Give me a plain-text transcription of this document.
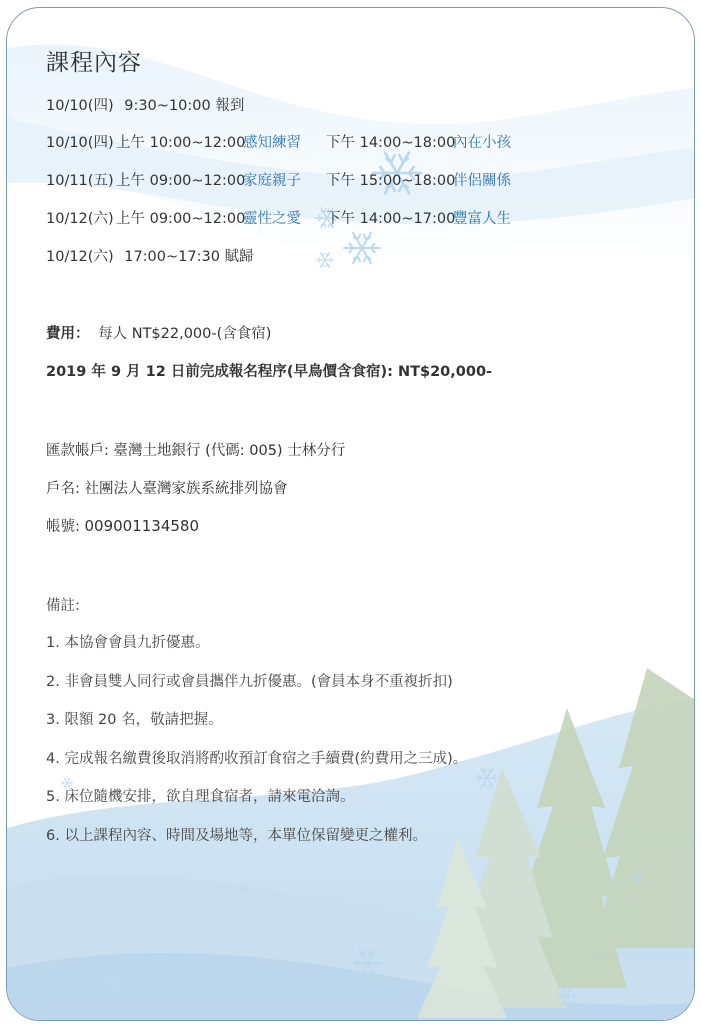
課程內容
10/10(四) 9:30~10:00 報到
10/10(四) 上午 10:00~12:00
感知練習 下午 14:00~18:00
內在小孩
10/11(五) 上午 09:00~12:00
家庭親子 下午 15:00~18:00
伴侶關係
10/12(六) 上午 09:00~12:00
靈性之愛 下午 14:00~17:00
豐富人生
10/12(六) 17:00~17:30 賦歸
費用： 每人 NT$22,000-(含食宿)
2019 年 9 月 12 日前完成報名程序(早鳥價含食宿): NT$20,000-
匯款帳戶: 臺灣土地銀行 (代碼: 005) 士林分行
戶名: 社團法人臺灣家族系統排列協會
帳號: 009001134580
備註:
1. 本協會會員九折優惠。
2. 非會員雙人同行或會員攜伴九折優惠。(會員本身不重複折扣)
3. 限額 20 名，敬請把握。
4. 完成報名繳費後取消將酌收預訂食宿之手續費(約費用之三成)。
5. 床位隨機安排，欲自理食宿者，請來電洽詢。
6. 以上課程內容、時間及場地等，本單位保留變更之權利。
